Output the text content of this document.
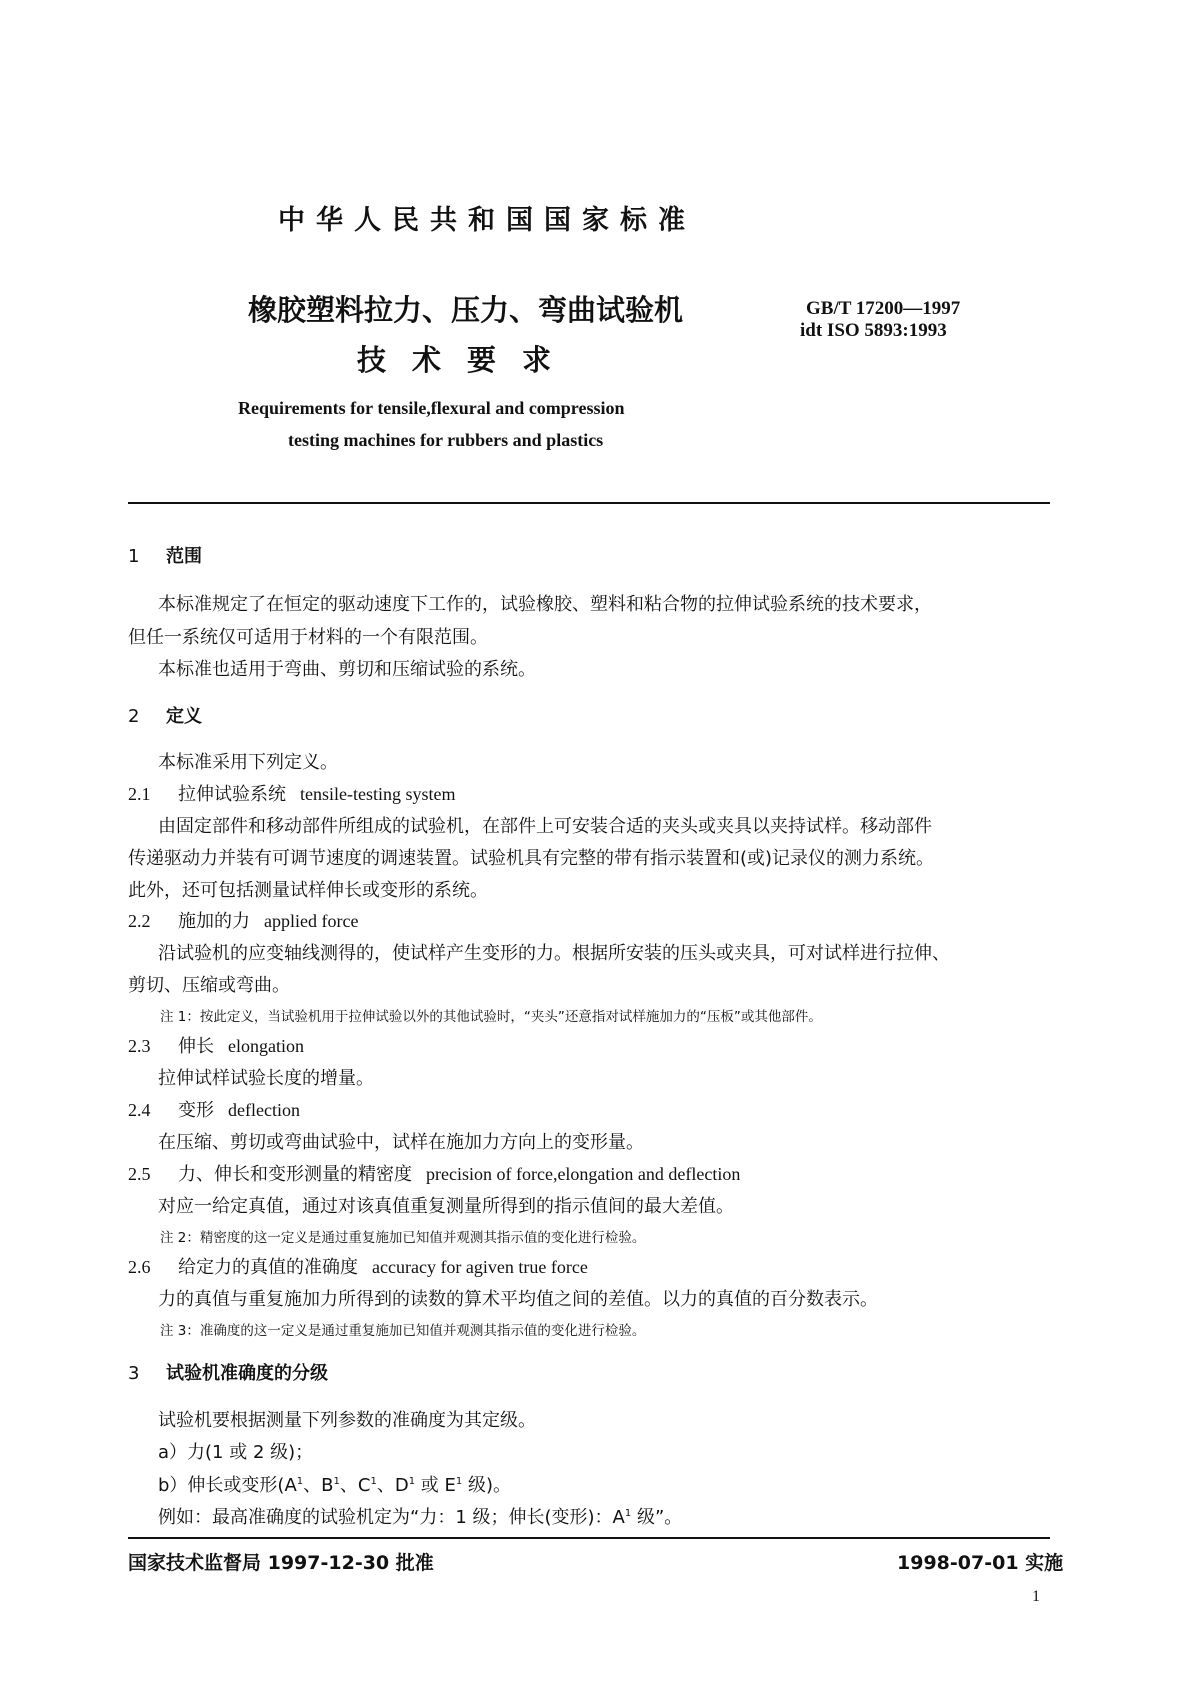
中华人民共和国国家标准
橡胶塑料拉力、压力、弯曲试验机
技术要求
GB/T 17200—1997
idt ISO 5893:1993
Requirements for tensile,flexural and compression
testing machines for rubbers and plastics
1 范围
本标准规定了在恒定的驱动速度下工作的，试验橡胶、塑料和粘合物的拉伸试验系统的技术要求，
但任一系统仅可适用于材料的一个有限范围。
本标准也适用于弯曲、剪切和压缩试验的系统。
2 定义
本标准采用下列定义。
2.1 拉伸试验系统 tensile-testing system
由固定部件和移动部件所组成的试验机，在部件上可安装合适的夹头或夹具以夹持试样。移动部件
传递驱动力并装有可调节速度的调速装置。试验机具有完整的带有指示装置和(或)记录仪的测力系统。
此外，还可包括测量试样伸长或变形的系统。
2.2 施加的力 applied force
沿试验机的应变轴线测得的，使试样产生变形的力。根据所安装的压头或夹具，可对试样进行拉伸、
剪切、压缩或弯曲。
注 1：按此定义，当试验机用于拉伸试验以外的其他试验时，“夹头”还意指对试样施加力的“压板”或其他部件。
2.3 伸长 elongation
拉伸试样试验长度的增量。
2.4 变形 deflection
在压缩、剪切或弯曲试验中，试样在施加力方向上的变形量。
2.5 力、伸长和变形测量的精密度 precision of force,elongation and deflection
对应一给定真值，通过对该真值重复测量所得到的指示值间的最大差值。
注 2：精密度的这一定义是通过重复施加已知值并观测其指示值的变化进行检验。
2.6 给定力的真值的准确度 accuracy for agiven true force
力的真值与重复施加力所得到的读数的算术平均值之间的差值。以力的真值的百分数表示。
注 3：准确度的这一定义是通过重复施加已知值并观测其指示值的变化进行检验。
3 试验机准确度的分级
试验机要根据测量下列参数的准确度为其定级。
a）力(1 或 2 级)；
b）伸长或变形($A^1$、$B^1$、$C^1$、$D^1$ 或 $E^1$ 级)。
例如：最高准确度的试验机定为“力：1 级；伸长(变形)：$A^1$ 级”。
国家技术监督局 1997-12-30 批准	1998-07-01 实施
1
